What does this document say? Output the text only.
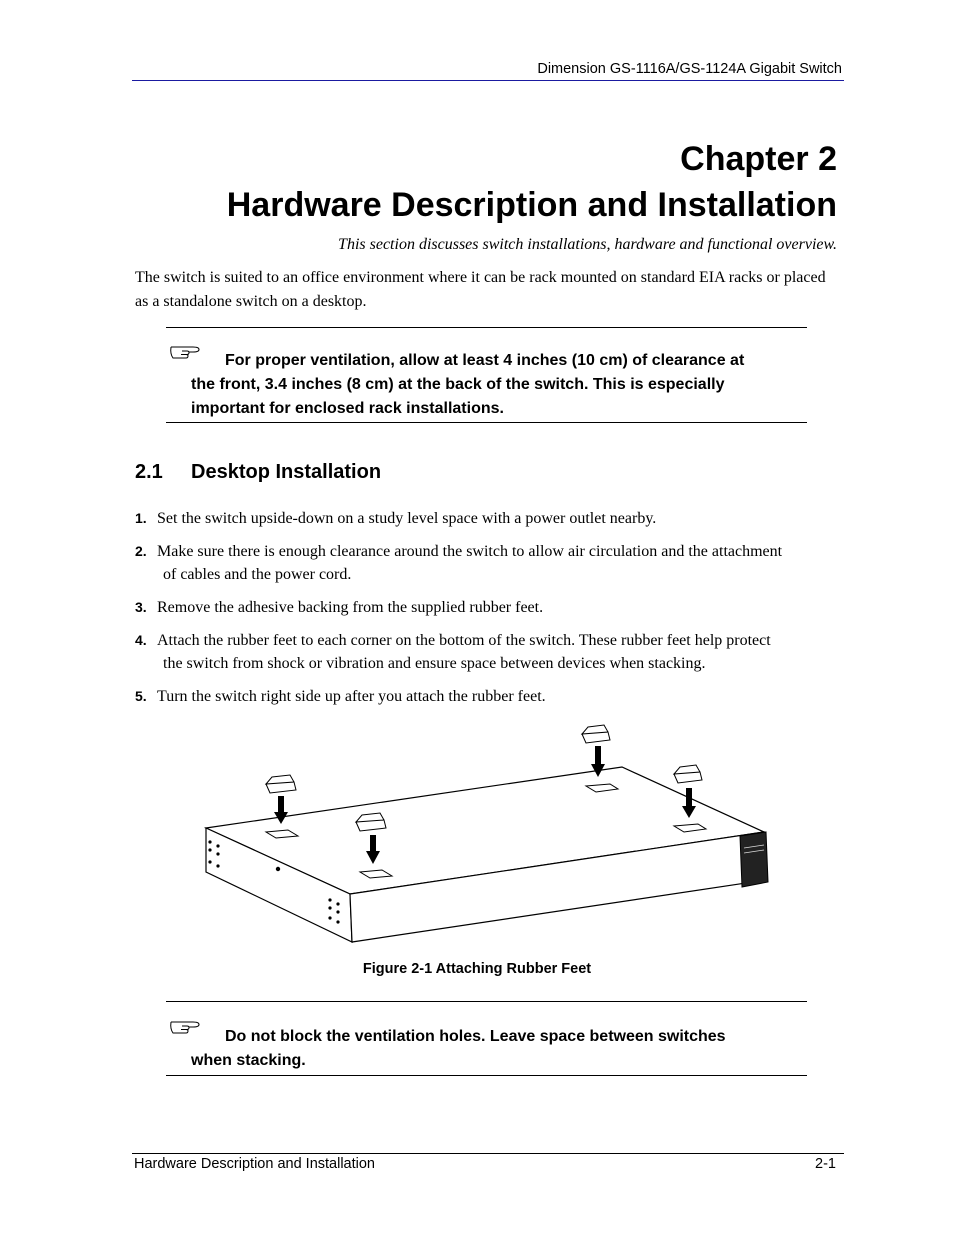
Dimension GS-1116A/GS-1124A Gigabit Switch
Chapter 2
Hardware Description and Installation
This section discusses switch installations, hardware and functional overview.
The switch is suited to an office environment where it can be rack mounted on standard EIA racks or placed as a standalone switch on a desktop.
For proper ventilation, allow at least 4 inches (10 cm) of clearance at
the front, 3.4 inches (8 cm) at the back of the switch. This is especially
important for enclosed rack installations.
2.1 Desktop Installation
1. Set the switch upside-down on a study level space with a power outlet nearby.
2. Make sure there is enough clearance around the switch to allow air circulation and the attachment
of cables and the power cord.
3. Remove the adhesive backing from the supplied rubber feet.
4. Attach the rubber feet to each corner on the bottom of the switch. These rubber feet help protect
the switch from shock or vibration and ensure space between devices when stacking.
5. Turn the switch right side up after you attach the rubber feet.
Figure 2-1 Attaching Rubber Feet
Do not block the ventilation holes. Leave space between switches
when stacking.
Hardware Description and Installation	2-1
